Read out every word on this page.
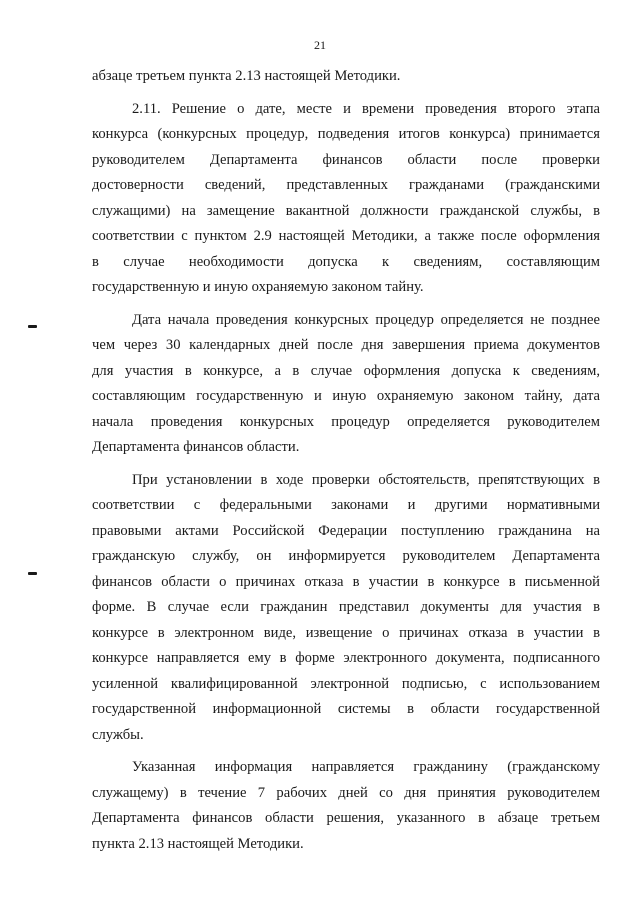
21
абзаце третьем пункта 2.13 настоящей Методики.
2.11. Решение о дате, месте и времени проведения второго этапа
конкурса (конкурсных процедур, подведения итогов конкурса) принимается
руководителем Департамента финансов области после проверки
достоверности сведений, представленных гражданами (гражданскими
служащими) на замещение вакантной должности гражданской службы, в
соответствии с пунктом 2.9 настоящей Методики, а также после оформления
в случае необходимости допуска к сведениям, составляющим
государственную и иную охраняемую законом тайну.
Дата начала проведения конкурсных процедур определяется не позднее
чем через 30 календарных дней после дня завершения приема документов
для участия в конкурсе, а в случае оформления допуска к сведениям,
составляющим государственную и иную охраняемую законом тайну, дата
начала проведения конкурсных процедур определяется руководителем
Департамента финансов области.
При установлении в ходе проверки обстоятельств, препятствующих в
соответствии с федеральными законами и другими нормативными
правовыми актами Российской Федерации поступлению гражданина на
гражданскую службу, он информируется руководителем Департамента
финансов области о причинах отказа в участии в конкурсе в письменной
форме. В случае если гражданин представил документы для участия в
конкурсе в электронном виде, извещение о причинах отказа в участии в
конкурсе направляется ему в форме электронного документа, подписанного
усиленной квалифицированной электронной подписью, с использованием
государственной информационной системы в области государственной
службы.
Указанная информация направляется гражданину (гражданскому
служащему) в течение 7 рабочих дней со дня принятия руководителем
Департамента финансов области решения, указанного в абзаце третьем
пункта 2.13 настоящей Методики.
